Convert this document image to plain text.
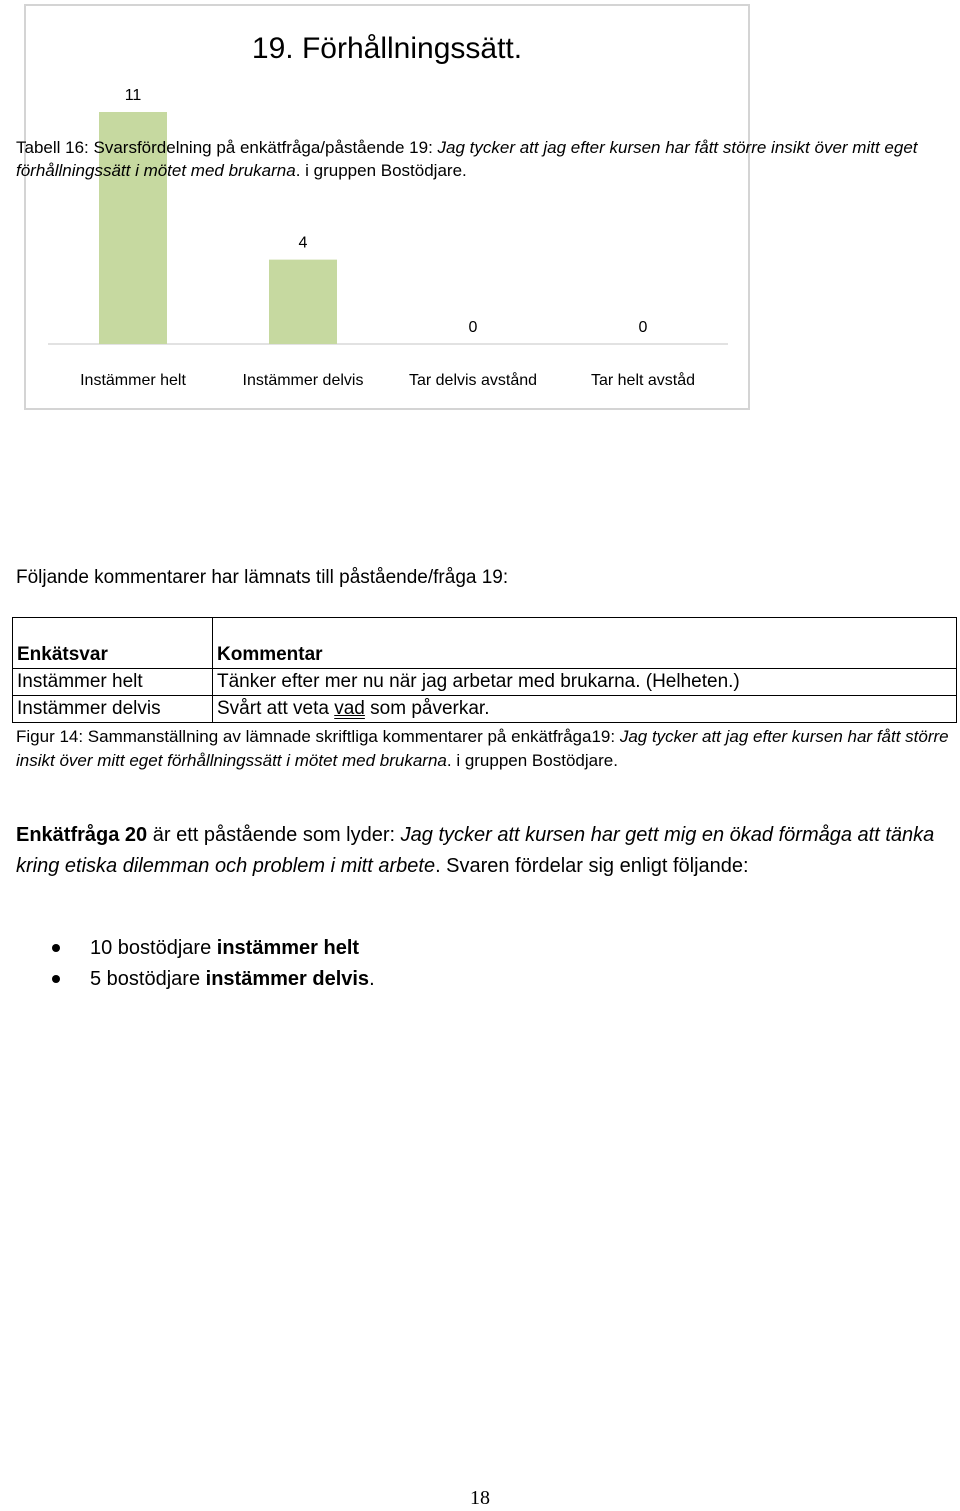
19. Förhållningssätt.
11
Instämmer helt
4
Instämmer delvis
0
Tar delvis avstånd
0
Tar helt avståd
Tabell 16: Svarsfördelning på enkätfråga/påstående 19: Jag tycker att jag efter kursen har fått större insikt över mitt eget förhållningssätt i mötet med brukarna. i gruppen Bostödjare.
Följande kommentarer har lämnats till påstående/fråga 19:
Enkätsvar	Kommentar
Instämmer helt	Tänker efter mer nu när jag arbetar med brukarna. (Helheten.)
Instämmer delvis	Svårt att veta vad som påverkar.
Figur 14: Sammanställning av lämnade skriftliga kommentarer på enkätfråga19: Jag tycker att jag efter kursen har fått större insikt över mitt eget förhållningssätt i mötet med brukarna. i gruppen Bostödjare.
Enkätfråga 20 är ett påstående som lyder: Jag tycker att kursen har gett mig en ökad förmåga att tänka kring etiska dilemman och problem i mitt arbete. Svaren fördelar sig enligt följande:
10 bostödjare instämmer helt
5 bostödjare instämmer delvis.
18
